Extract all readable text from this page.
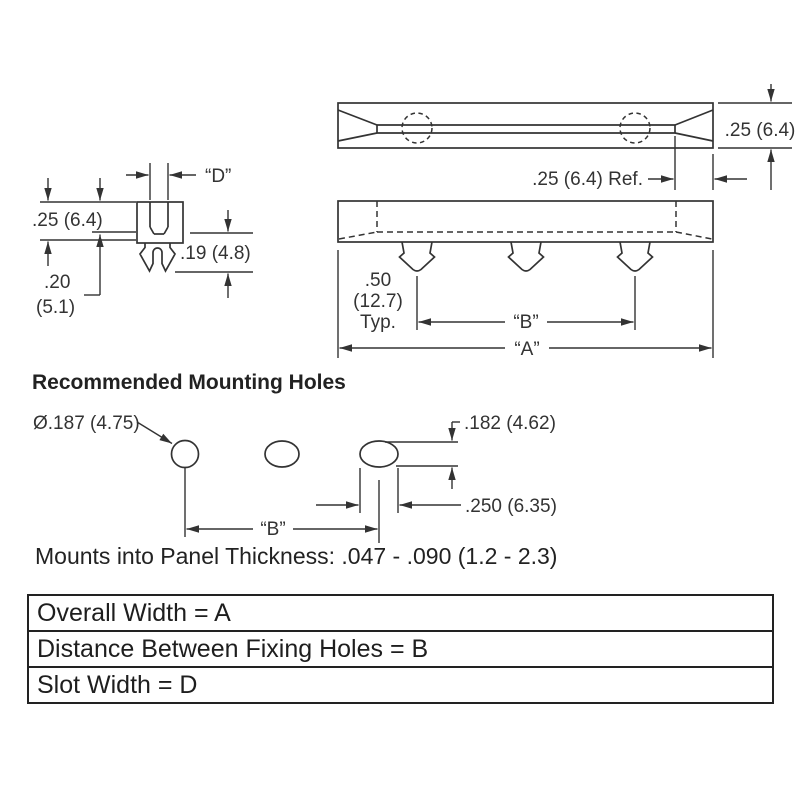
.25 (6.4)
.25 (6.4) Ref.
.50
(12.7)
Typ.	“B”
“A”
“D”
.25 (6.4)
.20
(5.1)
.19 (4.8)
Recommended Mounting Holes
Ø.187 (4.75)
“B”
.182 (4.62)
.250 (6.35)
Mounts into Panel Thickness: .047 - .090 (1.2 - 2.3)
Overall Width = A
Distance Between Fixing Holes = B
Slot Width = D
